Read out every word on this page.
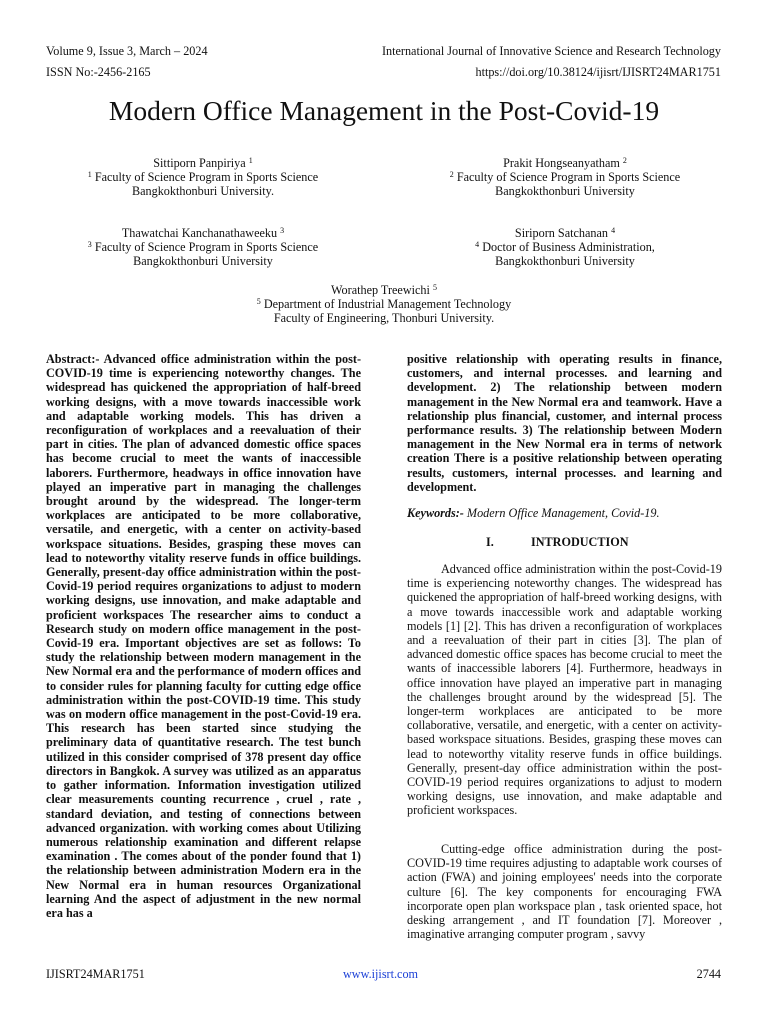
Volume 9, Issue 3, March – 2024	International Journal of Innovative Science and Research Technology
ISSN No:-2456-2165	https://doi.org/10.38124/ijisrt/IJISRT24MAR1751
Modern Office Management in the Post-Covid-19
Sittiporn Panpiriya $^1$
$^1$ Faculty of Science Program in Sports Science
Bangkokthonburi University.
Prakit Hongseanyatham $^2$
$^2$ Faculty of Science Program in Sports Science
Bangkokthonburi University
Thawatchai Kanchanathaweeku $^3$
$^3$ Faculty of Science Program in Sports Science
Bangkokthonburi University
Siriporn Satchanan $^4$
$^4$ Doctor of Business Administration,
Bangkokthonburi University
Worathep Treewichi $^5$
$^5$ Department of Industrial Management Technology
Faculty of Engineering, Thonburi University.

Abstract:- Advanced office administration within the post-COVID-19 time is experiencing noteworthy changes. The widespread has quickened the appropriation of half-breed working designs, with a move towards inaccessible work and adaptable working models. This has driven a reconfiguration of workplaces and a reevaluation of their part in cities. The plan of advanced domestic office spaces has become crucial to meet the wants of inaccessible laborers. Furthermore, headways in office innovation have played an imperative part in managing the challenges brought around by the widespread. The longer-term workplaces are anticipated to be more collaborative, versatile, and energetic, with a center on activity-based workspace situations. Besides, grasping these moves can lead to noteworthy vitality reserve funds in office buildings. Generally, present-day office administration within the post-Covid-19 period requires organizations to adjust to modern working designs, use innovation, and make adaptable and proficient workspaces The researcher aims to conduct a Research study on modern office management in the post-Covid-19 era. Important objectives are set as follows: To study the relationship between modern management in the New Normal era and the performance of modern offices and to consider rules for planning faculty for cutting edge office administration within the post-COVID-19 time. This study was on modern office management in the post-Covid-19 era. This research has been started since studying the preliminary data of quantitative research. The test bunch utilized in this consider comprised of 378 present day office directors in Bangkok. A survey was utilized as an apparatus to gather information. Information investigation utilized clear measurements counting recurrence , cruel , rate , standard deviation, and testing of connections between advanced organization. with working comes about Utilizing numerous relationship examination and different relapse examination . The comes about of the ponder found that 1) the relationship between administration Modern era in the New Normal era in human resources Organizational learning And the aspect of adjustment in the new normal era has a

positive relationship with operating results in finance, customers, and internal processes. and learning and development. 2) The relationship between modern management in the New Normal era and teamwork. Have a relationship plus financial, customer, and internal process performance results. 3) The relationship between Modern management in the New Normal era in terms of network creation There is a positive relationship between operating results, customers, internal processes. and learning and development.

Keywords:- Modern Office Management, Covid-19.

I.	INTRODUCTION

Advanced office administration within the post-Covid-19 time is experiencing noteworthy changes. The widespread has quickened the appropriation of half-breed working designs, with a move towards inaccessible work and adaptable working models [1] [2]. This has driven a reconfiguration of workplaces and a reevaluation of their part in cities [3]. The plan of advanced domestic office spaces has become crucial to meet the wants of inaccessible laborers [4]. Furthermore, headways in office innovation have played an imperative part in managing the challenges brought around by the widespread [5]. The longer-term workplaces are anticipated to be more collaborative, versatile, and energetic, with a center on activity-based workspace situations. Besides, grasping these moves can lead to noteworthy vitality reserve funds in office buildings. Generally, present-day office administration within the post-COVID-19 period requires organizations to adjust to modern working designs, use innovation, and make adaptable and proficient workspaces.

Cutting-edge office administration during the post-COVID-19 time requires adjusting to adaptable work courses of action (FWA) and joining employees' needs into the corporate culture [6]. The key components for encouraging FWA incorporate open plan workspace plan , task oriented space, hot desking arrangement , and IT foundation [7]. Moreover , imaginative arranging computer program , savvy

IJISRT24MAR1751	www.ijisrt.com	2744
